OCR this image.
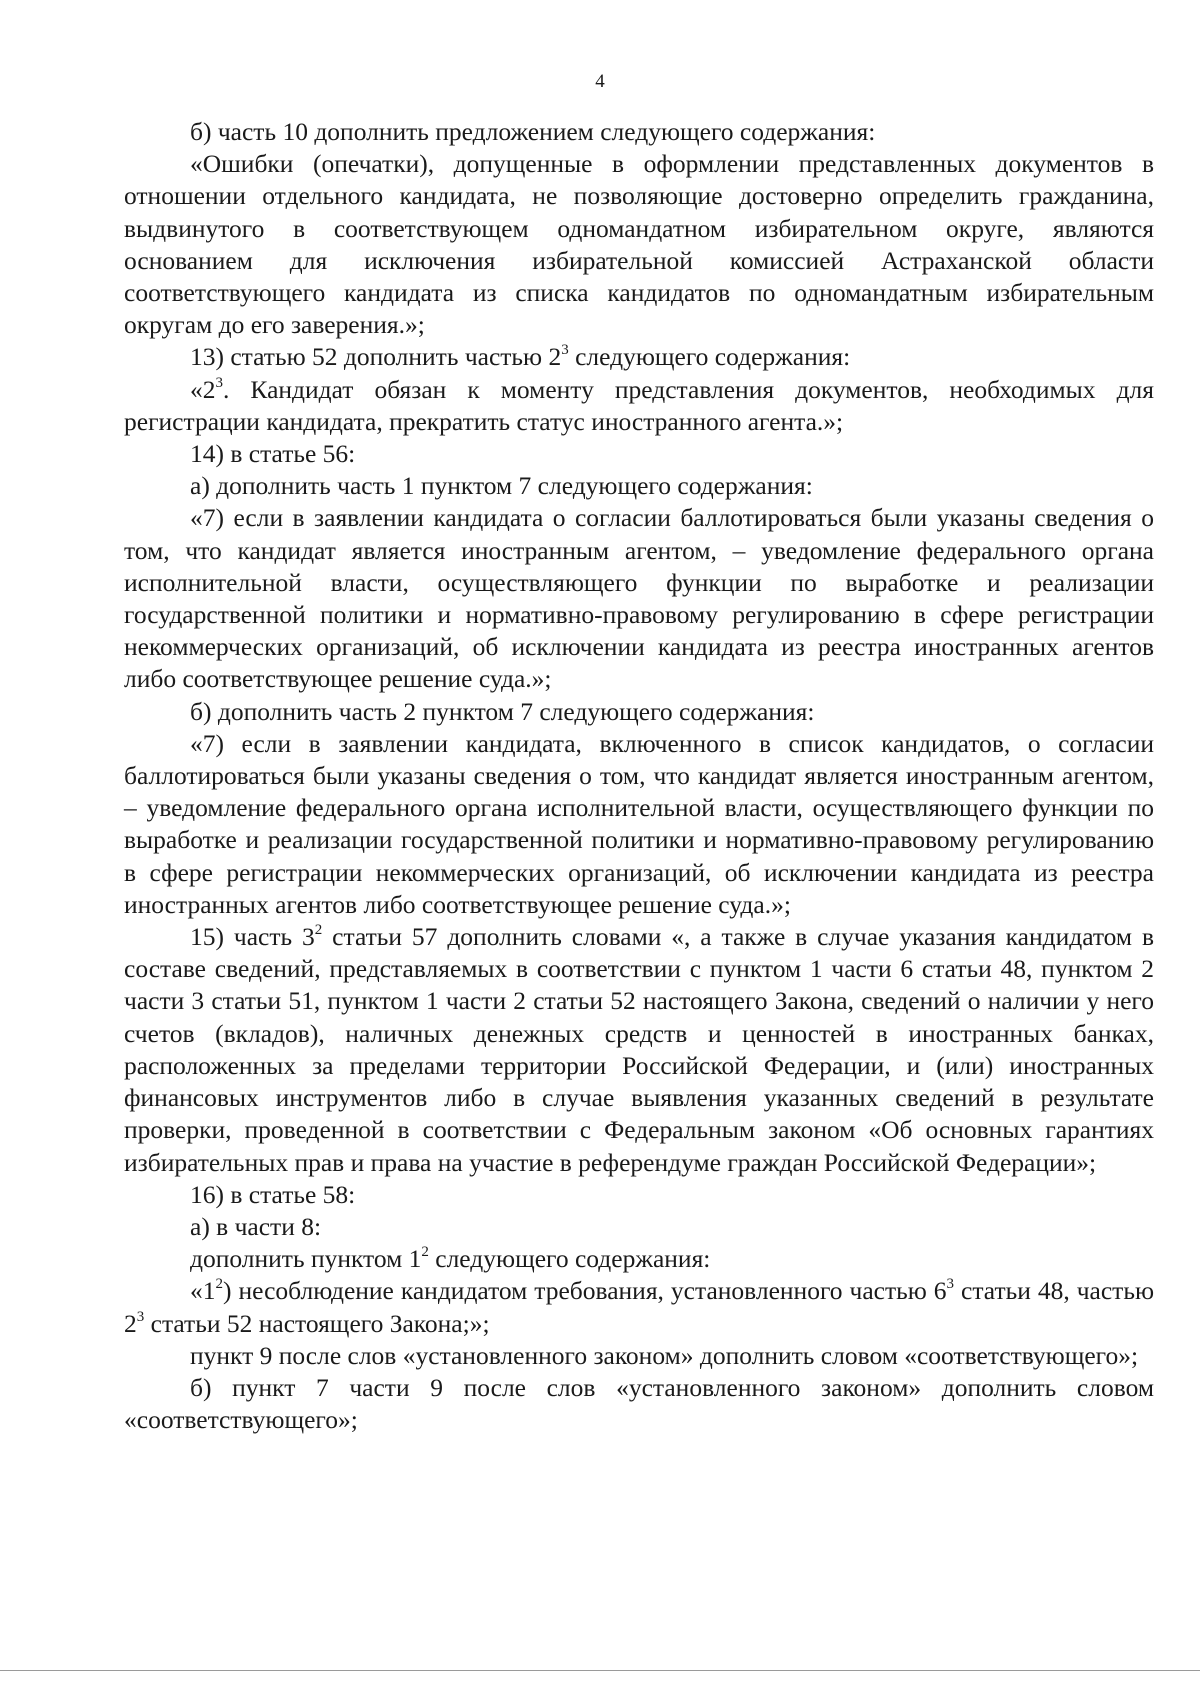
4

б) часть 10 дополнить предложением следующего содержания:

«Ошибки (опечатки), допущенные в оформлении представленных документов в отношении отдельного кандидата, не позволяющие достоверно определить гражданина, выдвинутого в соответствующем одномандатном избирательном округе, являются основанием для исключения избирательной комиссией Астраханской области соответствующего кандидата из списка кандидатов по одномандатным избирательным округам до его заверения.»;

13) статью 52 дополнить частью $2^3$ следующего содержания:

«$2^3$. Кандидат обязан к моменту представления документов, необходимых для регистрации кандидата, прекратить статус иностранного агента.»;

14) в статье 56:

а) дополнить часть 1 пунктом 7 следующего содержания:

«7) если в заявлении кандидата о согласии баллотироваться были указаны сведения о том, что кандидат является иностранным агентом, – уведомление федерального органа исполнительной власти, осуществляющего функции по выработке и реализации государственной политики и нормативно-правовому регулированию в сфере регистрации некоммерческих организаций, об исключении кандидата из реестра иностранных агентов либо соответствующее решение суда.»;

б) дополнить часть 2 пунктом 7 следующего содержания:

«7) если в заявлении кандидата, включенного в список кандидатов, о согласии баллотироваться были указаны сведения о том, что кандидат является иностранным агентом, – уведомление федерального органа исполнительной власти, осуществляющего функции по выработке и реализации государственной политики и нормативно-правовому регулированию в сфере регистрации некоммерческих организаций, об исключении кандидата из реестра иностранных агентов либо соответствующее решение суда.»;

15) часть $3^2$ статьи 57 дополнить словами «, а также в случае указания кандидатом в составе сведений, представляемых в соответствии с пунктом 1 части 6 статьи 48, пунктом 2 части 3 статьи 51, пунктом 1 части 2 статьи 52 настоящего Закона, сведений о наличии у него счетов (вкладов), наличных денежных средств и ценностей в иностранных банках, расположенных за пределами территории Российской Федерации, и (или) иностранных финансовых инструментов либо в случае выявления указанных сведений в результате проверки, проведенной в соответствии с Федеральным законом «Об основных гарантиях избирательных прав и права на участие в референдуме граждан Российской Федерации»;

16) в статье 58:

а) в части 8:

дополнить пунктом $1^2$ следующего содержания:

«$1^2$) несоблюдение кандидатом требования, установленного частью $6^3$ статьи 48, частью $2^3$ статьи 52 настоящего Закона;»;

пункт 9 после слов «установленного законом» дополнить словом «соответствующего»;

б) пункт 7 части 9 после слов «установленного законом» дополнить словом «соответствующего»;
